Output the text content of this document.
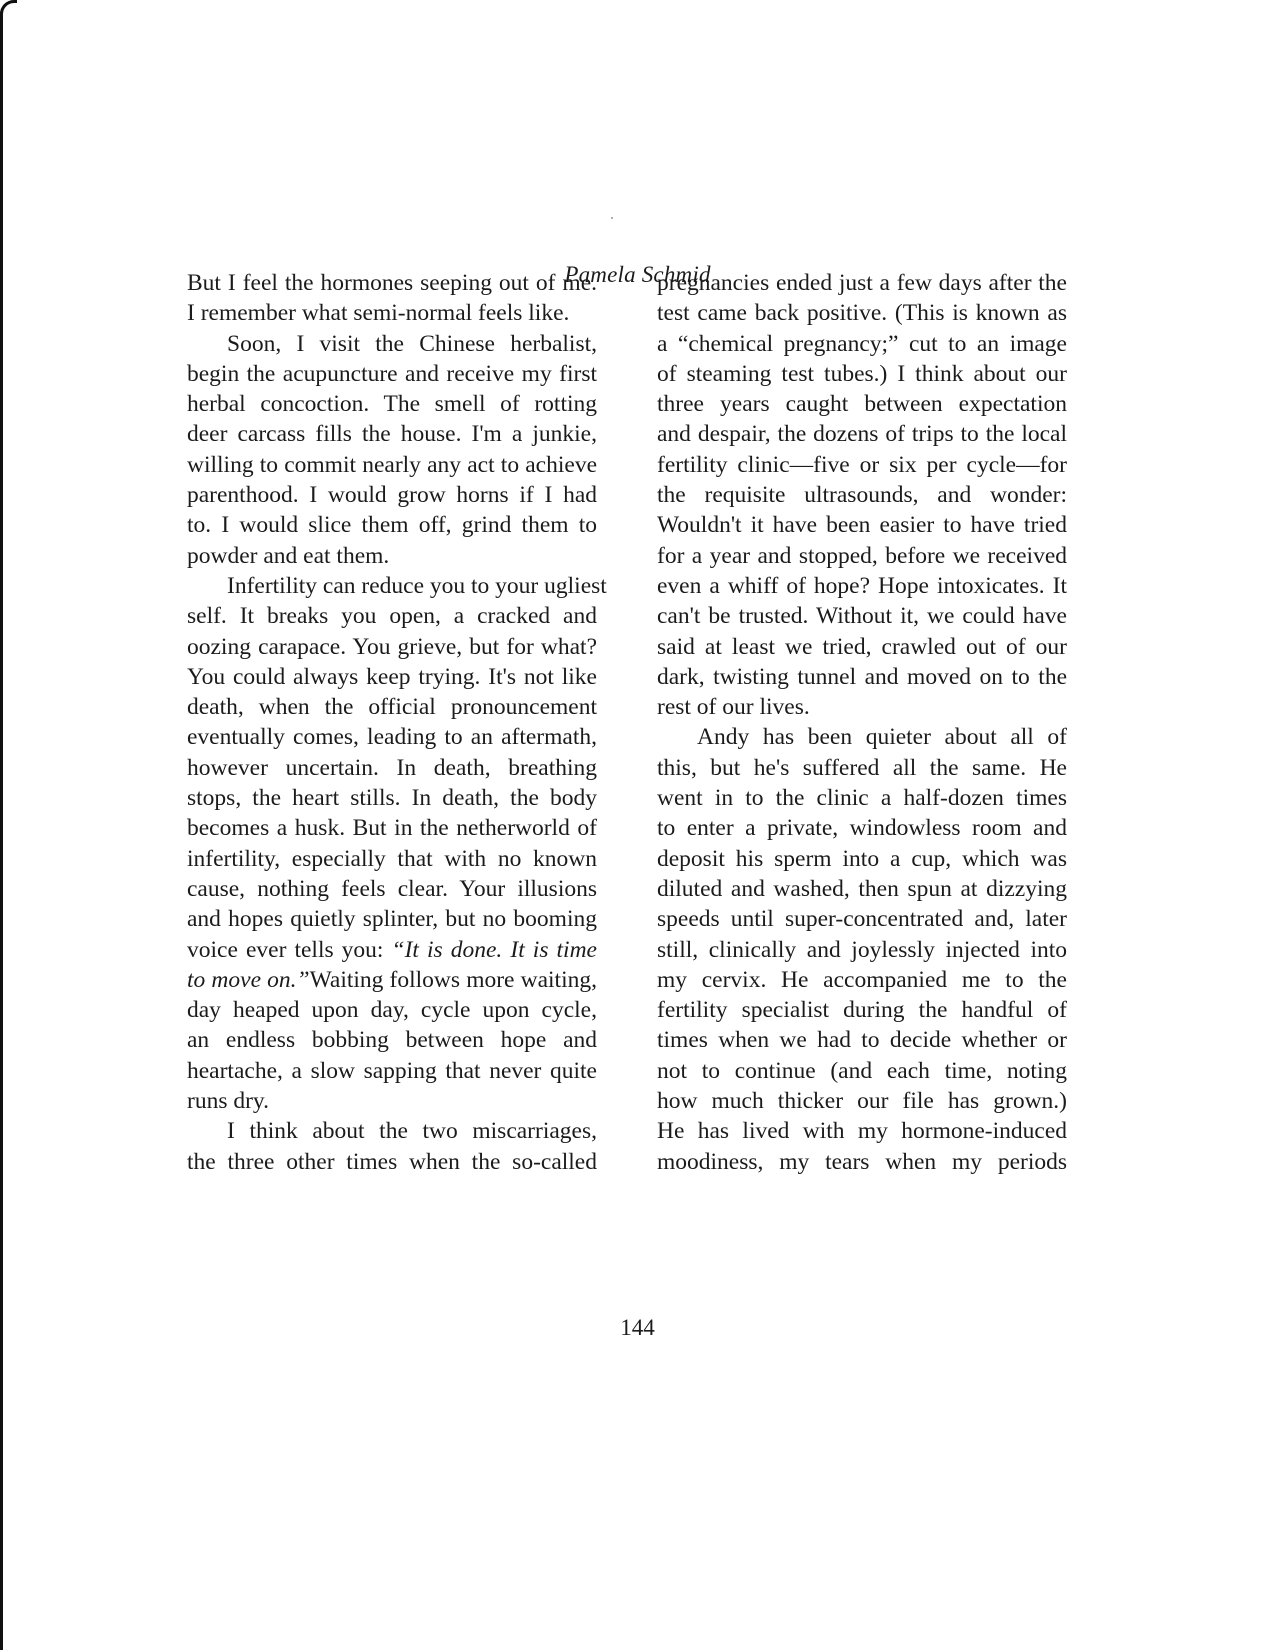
Pamela Schmid
But I feel the hormones seeping out of me.
I remember what semi-normal feels like.
Soon, I visit the Chinese herbalist,
begin the acupuncture and receive my first
herbal concoction. The smell of rotting
deer carcass fills the house. I'm a junkie,
willing to commit nearly any act to achieve
parenthood. I would grow horns if I had
to. I would slice them off, grind them to
powder and eat them.
Infertility can reduce you to your ugliest
self. It breaks you open, a cracked and
oozing carapace. You grieve, but for what?
You could always keep trying. It's not like
death, when the official pronouncement
eventually comes, leading to an aftermath,
however uncertain. In death, breathing
stops, the heart stills. In death, the body
becomes a husk. But in the netherworld of
infertility, especially that with no known
cause, nothing feels clear. Your illusions
and hopes quietly splinter, but no booming
voice ever tells you: “It is done. It is time
to move on.”Waiting follows more waiting,
day heaped upon day, cycle upon cycle,
an endless bobbing between hope and
heartache, a slow sapping that never quite
runs dry.
I think about the two miscarriages,
the three other times when the so-called
pregnancies ended just a few days after the
test came back positive. (This is known as
a “chemical pregnancy;” cut to an image
of steaming test tubes.) I think about our
three years caught between expectation
and despair, the dozens of trips to the local
fertility clinic—five or six per cycle—for
the requisite ultrasounds, and wonder:
Wouldn't it have been easier to have tried
for a year and stopped, before we received
even a whiff of hope? Hope intoxicates. It
can't be trusted. Without it, we could have
said at least we tried, crawled out of our
dark, twisting tunnel and moved on to the
rest of our lives.
Andy has been quieter about all of
this, but he's suffered all the same. He
went in to the clinic a half-dozen times
to enter a private, windowless room and
deposit his sperm into a cup, which was
diluted and washed, then spun at dizzying
speeds until super-concentrated and, later
still, clinically and joylessly injected into
my cervix. He accompanied me to the
fertility specialist during the handful of
times when we had to decide whether or
not to continue (and each time, noting
how much thicker our file has grown.)
He has lived with my hormone-induced
moodiness, my tears when my periods
144
